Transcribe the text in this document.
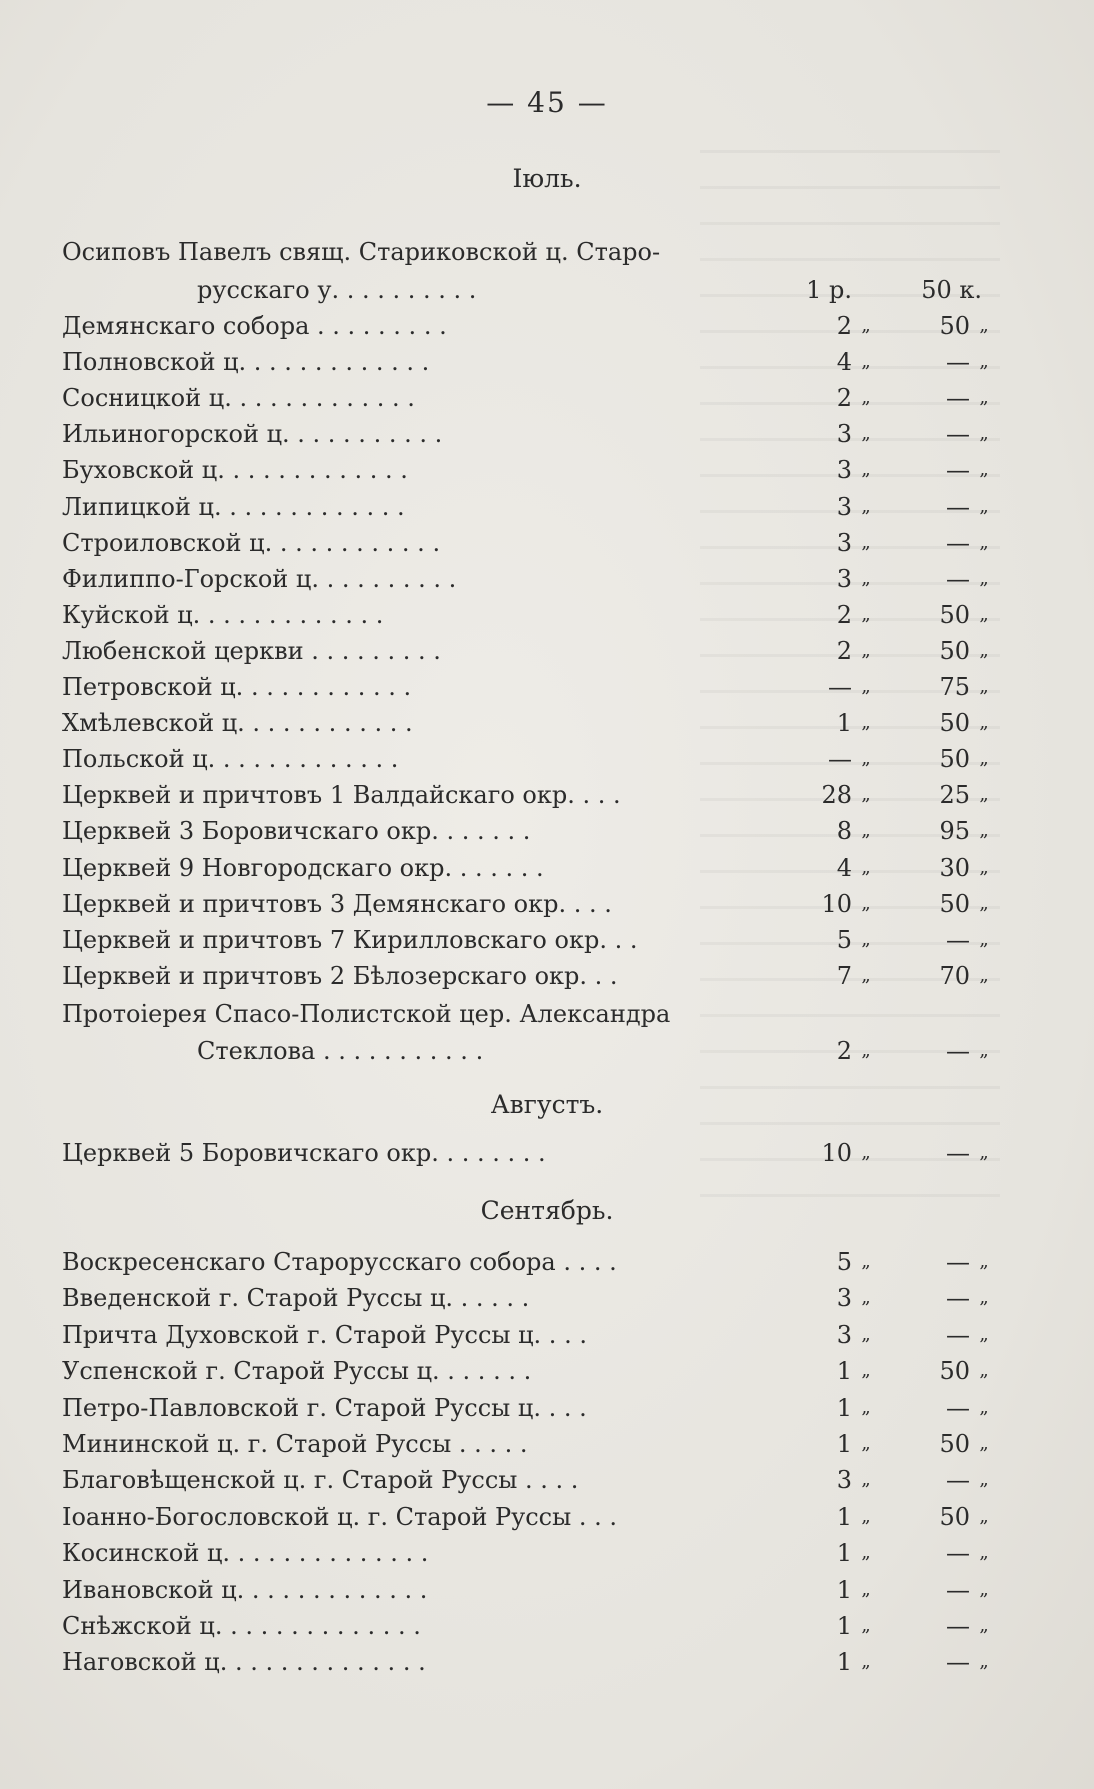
— 45 —
Іюль.
Осиповъ Павелъ свящ. Стариковской ц. Старо-
русскаго у. . . . . . . . . .	1 р.	50 к.
Демянскаго собора . . . . . . . . .	2 „	50 „
Полновской ц. . . . . . . . . . . . .	4 „	— „
Сосницкой ц. . . . . . . . . . . . .	2 „	— „
Ильиногорской ц. . . . . . . . . . .	3 „	— „
Буховской ц. . . . . . . . . . . . .	3 „	— „
Липицкой ц. . . . . . . . . . . . .	3 „	— „
Строиловской ц. . . . . . . . . . . .	3 „	— „
Филиппо-Горской ц. . . . . . . . . .	3 „	— „
Куйской ц. . . . . . . . . . . . .	2 „	50 „
Любенской церкви . . . . . . . . .	2 „	50 „
Петровской ц. . . . . . . . . . . .	— „	75 „
Хмѣлевской ц. . . . . . . . . . . .	1 „	50 „
Польской ц. . . . . . . . . . . . .	— „	50 „
Церквей и причтовъ 1 Валдайскаго окр. . . .	28 „	25 „
Церквей 3 Боровичскаго окр. . . . . . .	8 „	95 „
Церквей 9 Новгородскаго окр. . . . . . .	4 „	30 „
Церквей и причтовъ 3 Демянскаго окр. . . .	10 „	50 „
Церквей и причтовъ 7 Кирилловскаго окр. . .	5 „	— „
Церквей и причтовъ 2 Бѣлозерскаго окр. . .	7 „	70 „
Протоіерея Спасо-Полистской цер. Александра
Стеклова . . . . . . . . . . .	2 „	— „
Августъ.
Церквей 5 Боровичскаго окр. . . . . . . .	10 „	— „
Сентябрь.
Воскресенскаго Старорусскаго собора . . . .	5 „	— „
Введенской г. Старой Руссы ц. . . . . .	3 „	— „
Причта Духовской г. Старой Руссы ц. . . .	3 „	— „
Успенской г. Старой Руссы ц. . . . . . .	1 „	50 „
Петро-Павловской г. Старой Руссы ц. . . .	1 „	— „
Мининской ц. г. Старой Руссы . . . . .	1 „	50 „
Благовѣщенской ц. г. Старой Руссы . . . .	3 „	— „
Іоанно-Богословской ц. г. Старой Руссы . . .	1 „	50 „
Косинской ц. . . . . . . . . . . . . .	1 „	— „
Ивановской ц. . . . . . . . . . . . .	1 „	— „
Снѣжской ц. . . . . . . . . . . . . .	1 „	— „
Наговской ц. . . . . . . . . . . . . .	1 „	— „
